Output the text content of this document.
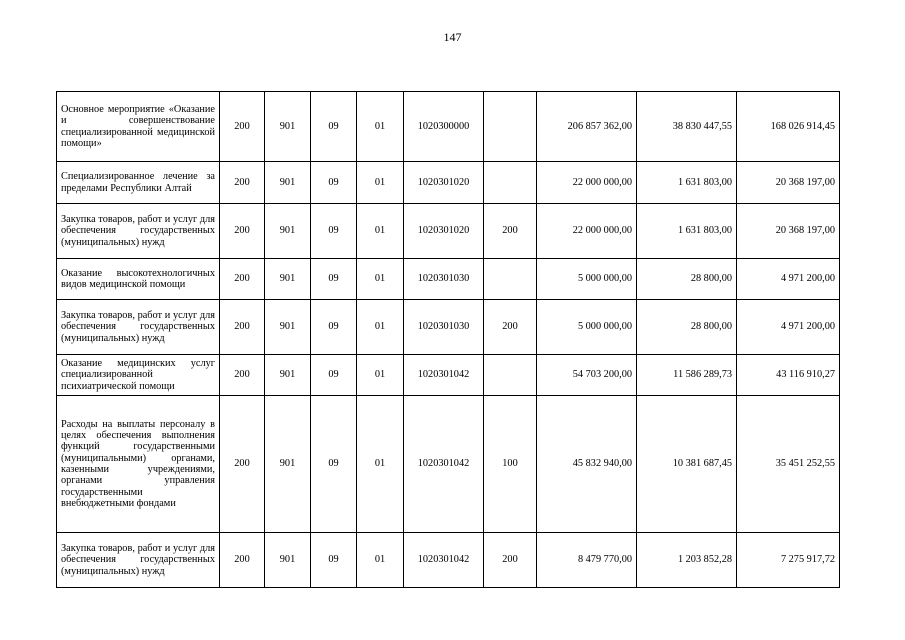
147
Основное мероприятие «Оказание и совершенствование специализированной медицинской помощи»	200	901	09	01	1020300000		206 857 362,00	38 830 447,55	168 026 914,45
Специализированное лечение за пределами Республики Алтай	200	901	09	01	1020301020		22 000 000,00	1 631 803,00	20 368 197,00
Закупка товаров, работ и услуг для обеспечения государственных (муниципальных) нужд	200	901	09	01	1020301020	200	22 000 000,00	1 631 803,00	20 368 197,00
Оказание высокотехнологичных видов медицинской помощи	200	901	09	01	1020301030		5 000 000,00	28 800,00	4 971 200,00
Закупка товаров, работ и услуг для обеспечения государственных (муниципальных) нужд	200	901	09	01	1020301030	200	5 000 000,00	28 800,00	4 971 200,00
Оказание медицинских услуг специализированной психиатрической помощи	200	901	09	01	1020301042		54 703 200,00	11 586 289,73	43 116 910,27
Расходы на выплаты персоналу в целях обеспечения выполнения функций государственными (муниципальными) органами, казенными учреждениями, органами управления государственными внебюджетными фондами	200	901	09	01	1020301042	100	45 832 940,00	10 381 687,45	35 451 252,55
Закупка товаров, работ и услуг для обеспечения государственных (муниципальных) нужд	200	901	09	01	1020301042	200	8 479 770,00	1 203 852,28	7 275 917,72
